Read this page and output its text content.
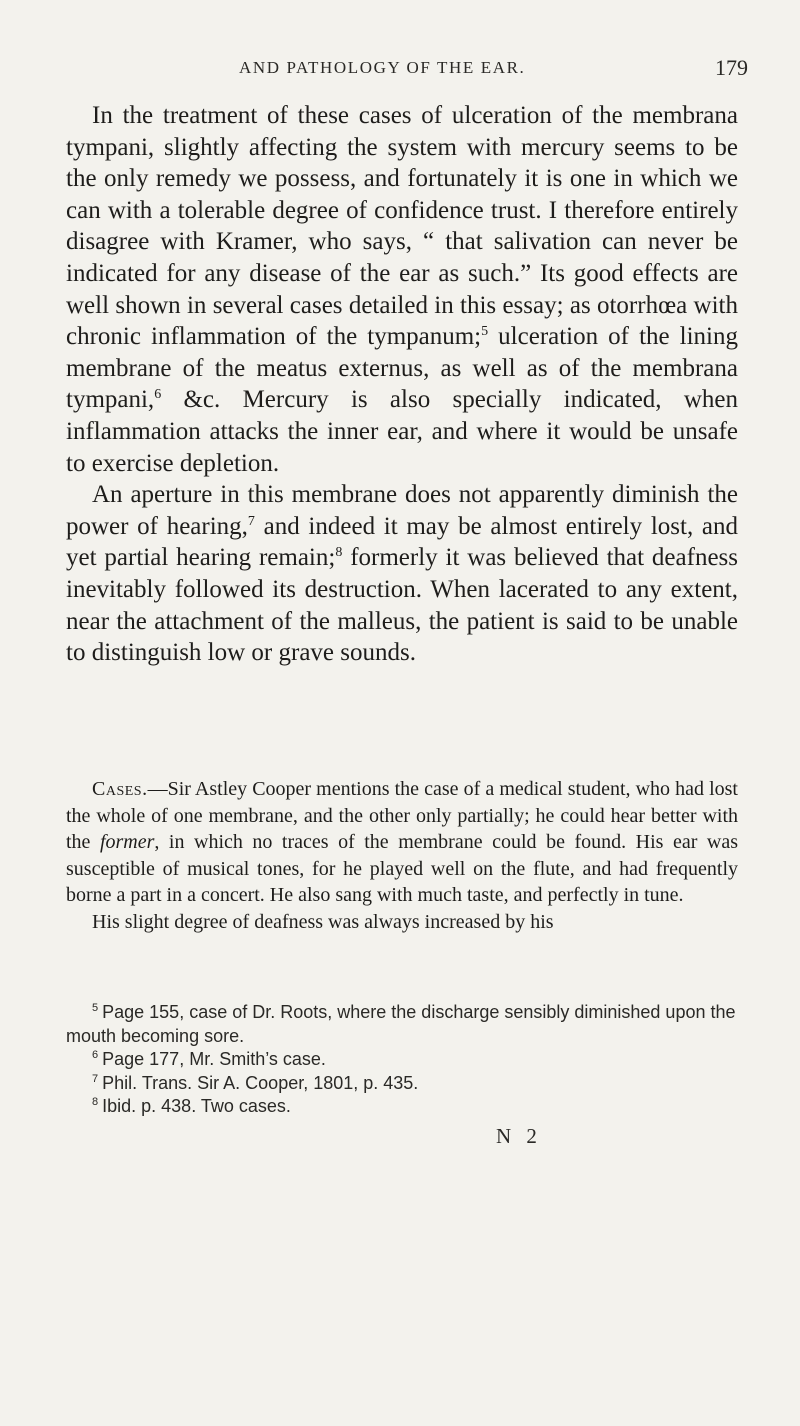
AND PATHOLOGY OF THE EAR.	179

In the treatment of these cases of ulceration of the membrana tympani, slightly affecting the system with mercury seems to be the only remedy we possess, and fortunately it is one in which we can with a tolerable degree of confidence trust. I therefore entirely disagree with Kramer, who says, “ that salivation can never be indicated for any disease of the ear as such.” Its good effects are well shown in several cases detailed in this essay; as otorrhœa with chronic inflammation of the tympanum;$^5$ ulceration of the lining membrane of the meatus externus, as well as of the membrana tympani,$^6$ &c. Mercury is also specially indicated, when inflammation attacks the inner ear, and where it would be unsafe to exercise depletion.

An aperture in this membrane does not apparently diminish the power of hearing,$^7$ and indeed it may be almost entirely lost, and yet partial hearing remain;$^8$ formerly it was believed that deafness inevitably followed its destruction. When lacerated to any extent, near the attachment of the malleus, the patient is said to be unable to distinguish low or grave sounds.

Cases.—Sir Astley Cooper mentions the case of a medical student, who had lost the whole of one membrane, and the other only partially; he could hear better with the former, in which no traces of the membrane could be found. His ear was susceptible of musical tones, for he played well on the flute, and had frequently borne a part in a concert. He also sang with much taste, and perfectly in tune.

His slight degree of deafness was always increased by his

$^5$ Page 155, case of Dr. Roots, where the discharge sensibly diminished upon the mouth becoming sore.

$^6$ Page 177, Mr. Smith’s case.

$^7$ Phil. Trans. Sir A. Cooper, 1801, p. 435.

$^8$ Ibid. p. 438. Two cases.

N 2
